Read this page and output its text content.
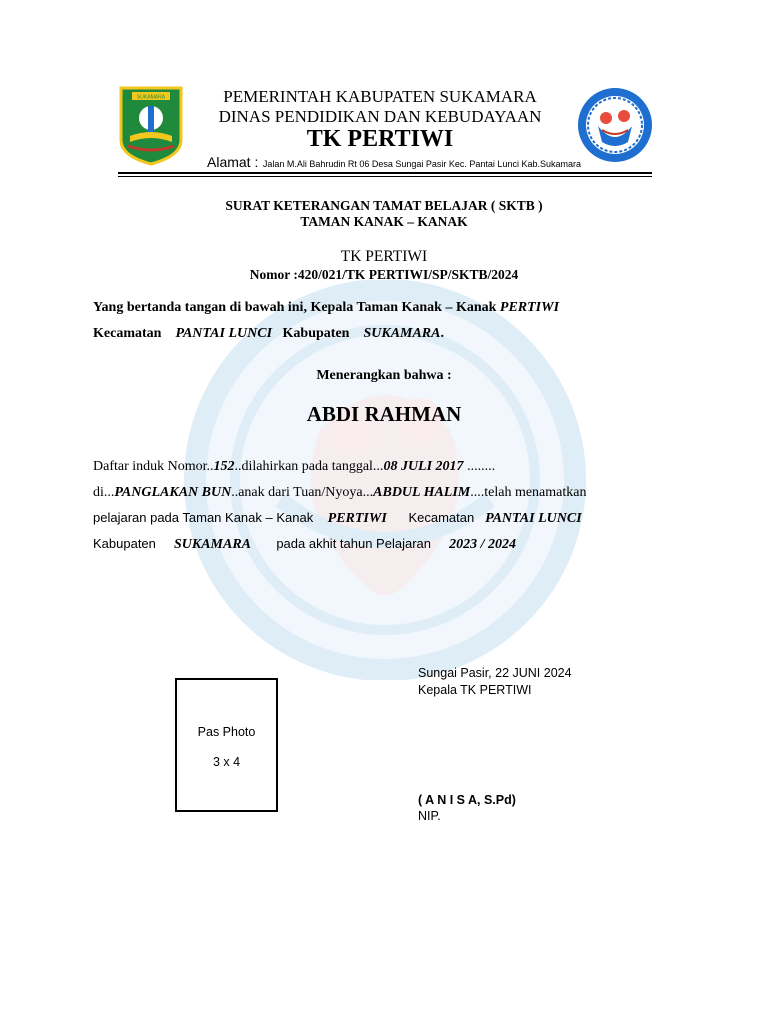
SUKAMARA	PEMERINTAH KABUPATEN SUKAMARA
DINAS PENDIDIKAN DAN KEBUDAYAAN
TK PERTIWI
Alamat : Jalan M.Ali Bahrudin Rt 06 Desa Sungai Pasir Kec. Pantai Lunci Kab.Sukamara
SURAT KETERANGAN TAMAT BELAJAR ( SKTB )
TAMAN KANAK – KANAK
TK PERTIWI
Nomor :420/021/TK PERTIWI/SP/SKTB/2024
Yang bertanda tangan di bawah ini, Kepala Taman Kanak – Kanak PERTIWI
Kecamatan    PANTAI LUNCI Kabupaten    SUKAMARA.
Menerangkan bahwa :
ABDI RAHMAN
Daftar induk Nomor..152..dilahirkan pada tanggal...08 JULI 2017 ........
di...PANGLAKAN BUN..anak dari Tuan/Nyoya...ABDUL HALIM....telah menamatkan
pelajaran pada Taman Kanak – Kanak    PERTIWI Kecamatan   PANTAI LUNCI
Kabupaten     SUKAMARA pada akhit tahun Pelajaran     2023 / 2024
Sungai Pasir, 22 JUNI 2024
Kepala TK PERTIWI
( A N I S A, S.Pd)
NIP.
Pas Photo
3 x 4
